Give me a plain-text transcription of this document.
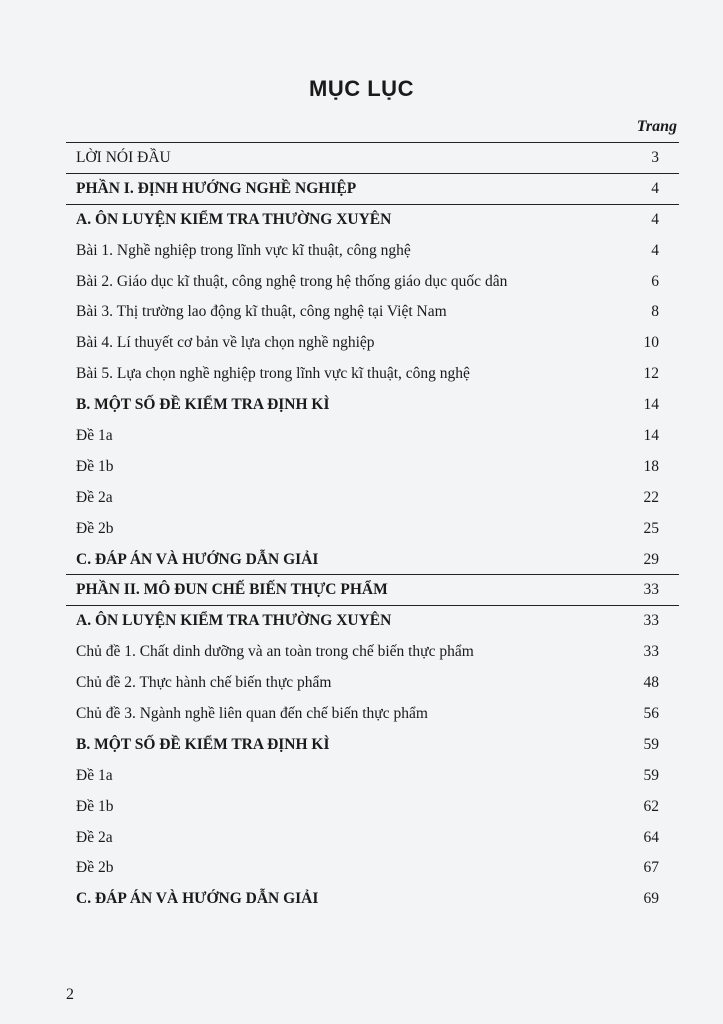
MỤC LỤC
Trang
LỜI NÓI ĐẦU	3
PHẦN I. ĐỊNH HƯỚNG NGHỀ NGHIỆP	4
A. ÔN LUYỆN KIỂM TRA THƯỜNG XUYÊN	4
Bài 1. Nghề nghiệp trong lĩnh vực kĩ thuật, công nghệ	4
Bài 2. Giáo dục kĩ thuật, công nghệ trong hệ thống giáo dục quốc dân	6
Bài 3. Thị trường lao động kĩ thuật, công nghệ tại Việt Nam	8
Bài 4. Lí thuyết cơ bản về lựa chọn nghề nghiệp	10
Bài 5. Lựa chọn nghề nghiệp trong lĩnh vực kĩ thuật, công nghệ	12
B. MỘT SỐ ĐỀ KIỂM TRA ĐỊNH KÌ	14
Đề 1a	14
Đề 1b	18
Đề 2a	22
Đề 2b	25
C. ĐÁP ÁN VÀ HƯỚNG DẪN GIẢI	29
PHẦN II. MÔ ĐUN CHẾ BIẾN THỰC PHẨM	33
A. ÔN LUYỆN KIỂM TRA THƯỜNG XUYÊN	33
Chủ đề 1. Chất dinh dưỡng và an toàn trong chế biến thực phẩm	33
Chủ đề 2. Thực hành chế biến thực phẩm	48
Chủ đề 3. Ngành nghề liên quan đến chế biến thực phẩm	56
B. MỘT SỐ ĐỀ KIỂM TRA ĐỊNH KÌ	59
Đề 1a	59
Đề 1b	62
Đề 2a	64
Đề 2b	67
C. ĐÁP ÁN VÀ HƯỚNG DẪN GIẢI	69
2
